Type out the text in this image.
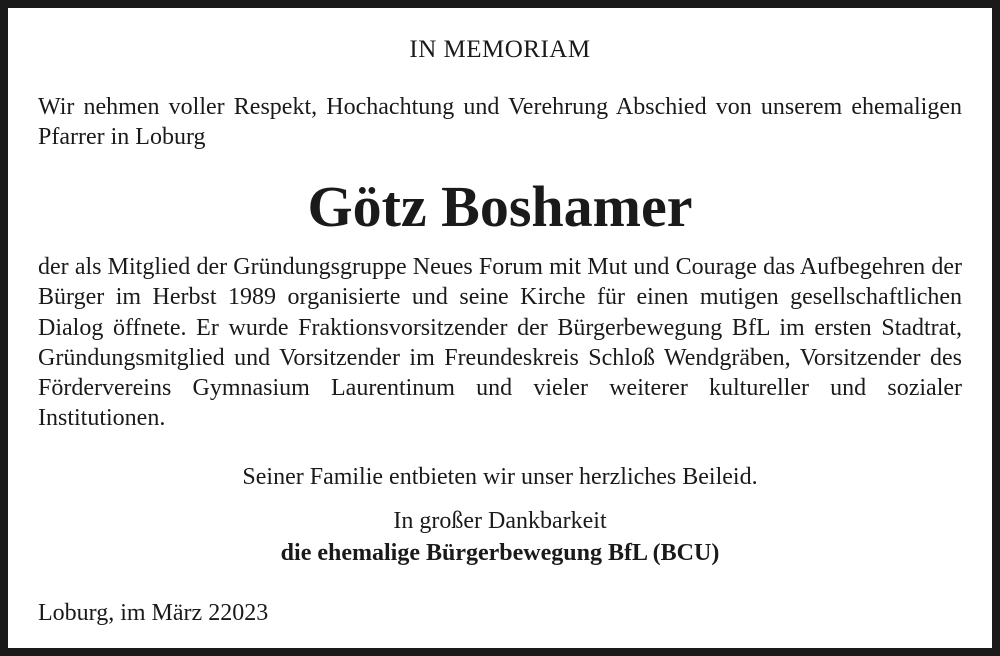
IN MEMORIAM
Wir nehmen voller Respekt, Hochachtung und Verehrung Abschied von unserem ehemaligen Pfarrer in Loburg
Götz Boshamer
der als Mitglied der Gründungsgruppe Neues Forum mit Mut und Courage das Aufbegehren der Bürger im Herbst 1989 organisierte und seine Kirche für einen mutigen gesellschaftlichen Dialog öffnete. Er wurde Fraktionsvorsitzender der Bürgerbewegung BfL im ersten Stadtrat, Gründungsmitglied und Vorsitzender im Freundeskreis Schloß Wendgräben, Vorsitzender des Fördervereins Gymnasium Laurentinum und vieler weiterer kultureller und sozialer Institutionen.
Seiner Familie entbieten wir unser herzliches Beileid.
In großer Dankbarkeit
die ehemalige Bürgerbewegung BfL (BCU)
Loburg, im März 22023
